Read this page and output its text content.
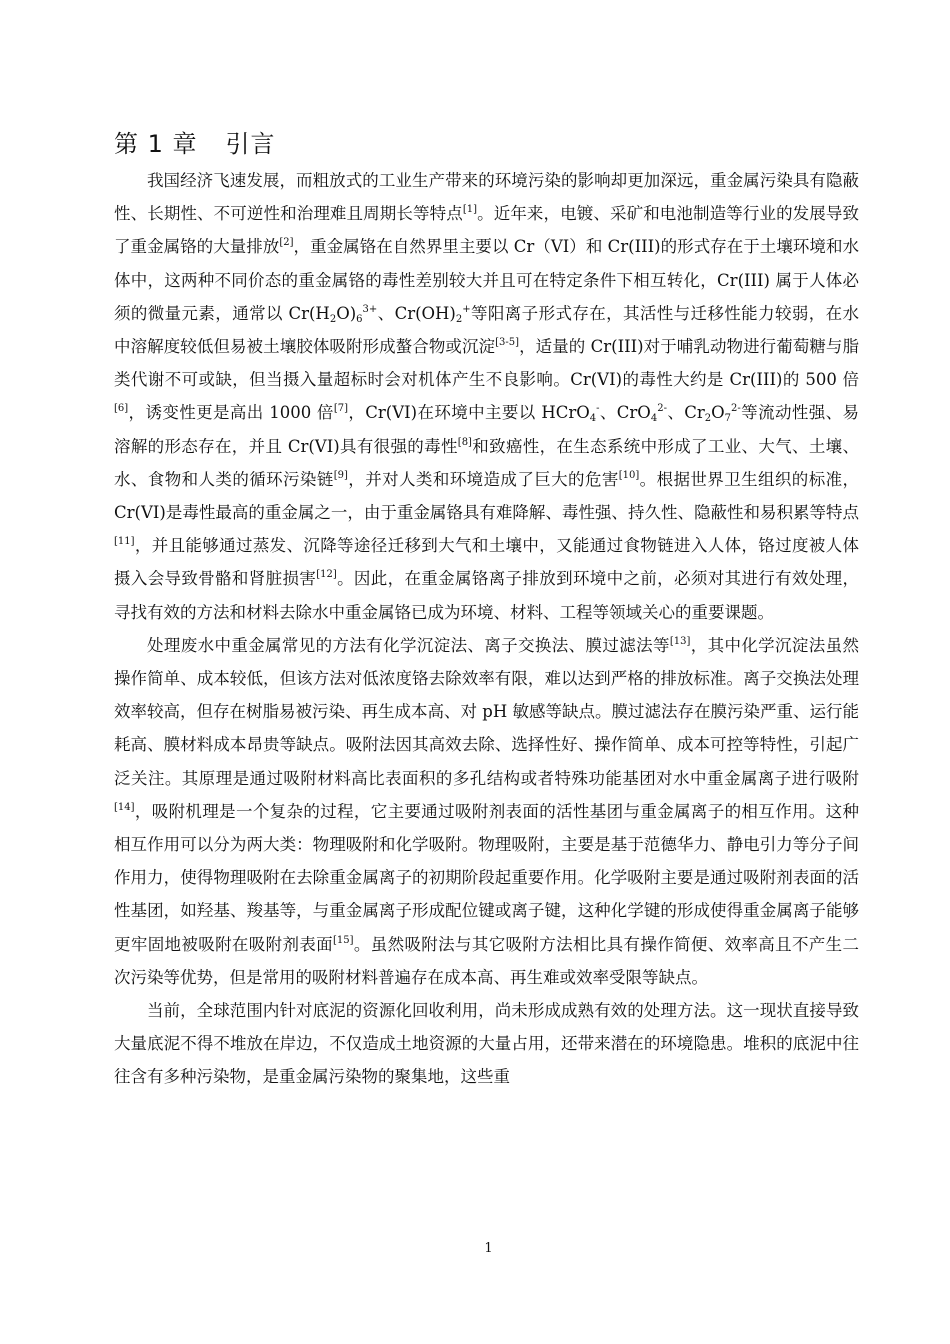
第 1 章 引言

我国经济飞速发展，而粗放式的工业生产带来的环境污染的影响却更加深远，重金属污染具有隐蔽性、长期性、不可逆性和治理难且周期长等特点[1]。近年来，电镀、采矿和电池制造等行业的发展导致了重金属铬的大量排放[2]，重金属铬在自然界里主要以 Cr（VI）和 Cr(III)的形式存在于土壤环境和水体中，这两种不同价态的重金属铬的毒性差别较大并且可在特定条件下相互转化，Cr(III) 属于人体必须的微量元素，通常以 $Cr(H_2O)_6^{3+}$、$Cr(OH)_2^+$等阳离子形式存在，其活性与迁移性能力较弱，在水中溶解度较低但易被土壤胶体吸附形成螯合物或沉淀[3-5]，适量的 Cr(III)对于哺乳动物进行葡萄糖与脂类代谢不可或缺，但当摄入量超标时会对机体产生不良影响。Cr(VI)的毒性大约是 Cr(III)的 500 倍[6]，诱变性更是高出 1000 倍[7]，Cr(VI)在环境中主要以 HCrO$_4$-、CrO$_4^{2-}$、$Cr_2O_7^{2-}$等流动性强、易溶解的形态存在，并且 Cr(VI)具有很强的毒性[8]和致癌性，在生态系统中形成了工业、大气、土壤、水、食物和人类的循环污染链[9]，并对人类和环境造成了巨大的危害[10]。根据世界卫生组织的标准，Cr(VI)是毒性最高的重金属之一，由于重金属铬具有难降解、毒性强、持久性、隐蔽性和易积累等特点[11]，并且能够通过蒸发、沉降等途径迁移到大气和土壤中，又能通过食物链进入人体，铬过度被人体摄入会导致骨骼和肾脏损害[12]。因此，在重金属铬离子排放到环境中之前，必须对其进行有效处理，寻找有效的方法和材料去除水中重金属铬已成为环境、材料、工程等领域关心的重要课题。

处理废水中重金属常见的方法有化学沉淀法、离子交换法、膜过滤法等[13]，其中化学沉淀法虽然操作简单、成本较低，但该方法对低浓度铬去除效率有限，难以达到严格的排放标准。离子交换法处理效率较高，但存在树脂易被污染、再生成本高、对 pH 敏感等缺点。膜过滤法存在膜污染严重、运行能耗高、膜材料成本昂贵等缺点。吸附法因其高效去除、选择性好、操作简单、成本可控等特性，引起广泛关注。其原理是通过吸附材料高比表面积的多孔结构或者特殊功能基团对水中重金属离子进行吸附[14]，吸附机理是一个复杂的过程，它主要通过吸附剂表面的活性基团与重金属离子的相互作用。这种相互作用可以分为两大类：物理吸附和化学吸附。物理吸附，主要是基于范德华力、静电引力等分子间作用力，使得物理吸附在去除重金属离子的初期阶段起重要作用。化学吸附主要是通过吸附剂表面的活性基团，如羟基、羧基等，与重金属离子形成配位键或离子键，这种化学键的形成使得重金属离子能够更牢固地被吸附在吸附剂表面[15]。虽然吸附法与其它吸附方法相比具有操作简便、效率高且不产生二次污染等优势，但是常用的吸附材料普遍存在成本高、再生难或效率受限等缺点。

当前，全球范围内针对底泥的资源化回收利用，尚未形成成熟有效的处理方法。这一现状直接导致大量底泥不得不堆放在岸边，不仅造成土地资源的大量占用，还带来潜在的环境隐患。堆积的底泥中往往含有多种污染物，是重金属污染物的聚集地，这些重

1
